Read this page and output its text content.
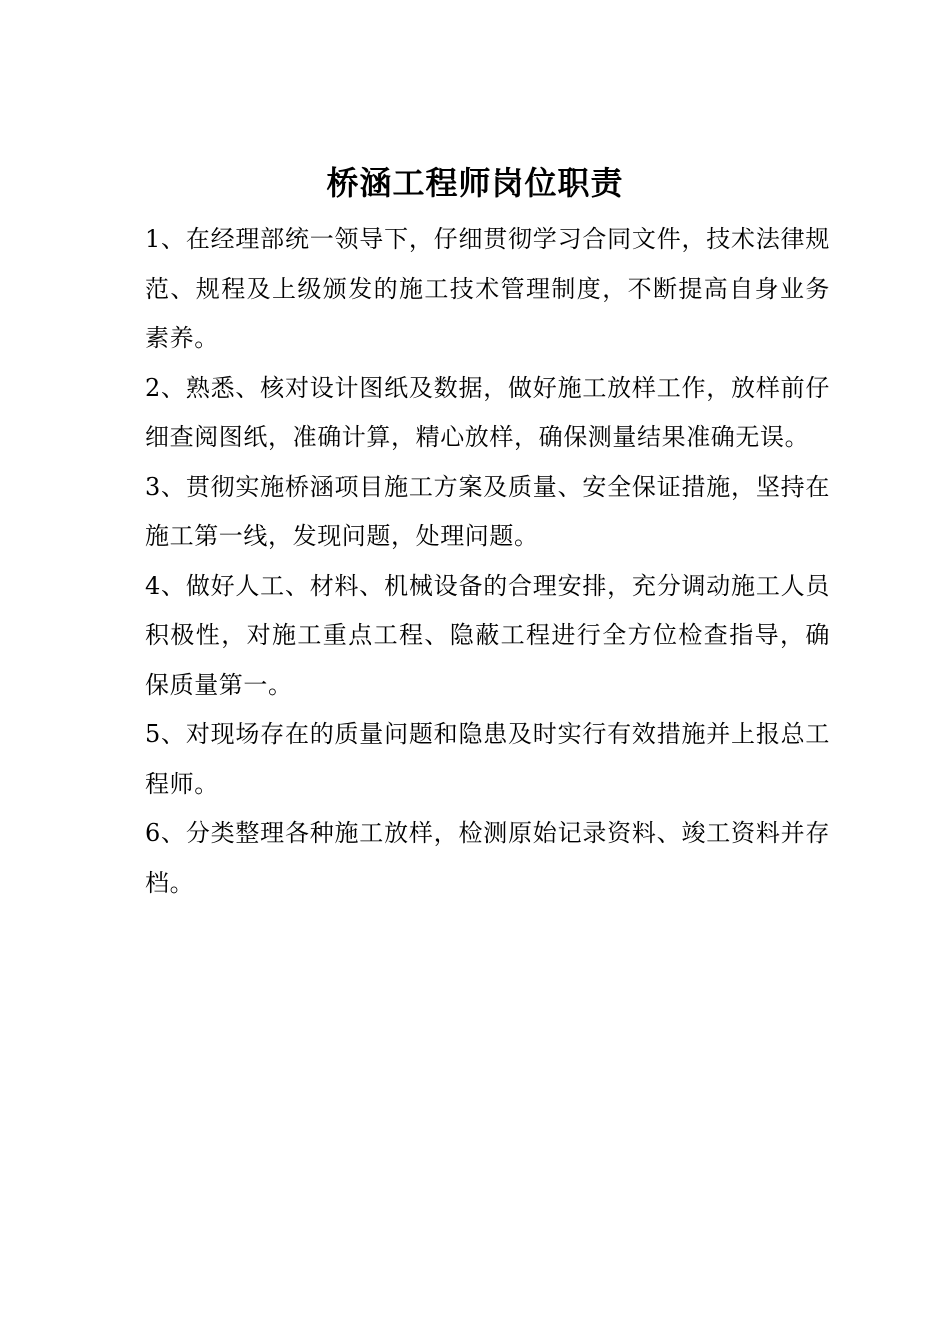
桥涵工程师岗位职责

1、在经理部统一领导下，仔细贯彻学习合同文件，技术法律规范、规程及上级颁发的施工技术管理制度，不断提高自身业务素养。

2、熟悉、核对设计图纸及数据，做好施工放样工作，放样前仔细查阅图纸，准确计算，精心放样，确保测量结果准确无误。

3、贯彻实施桥涵项目施工方案及质量、安全保证措施，坚持在施工第一线，发现问题，处理问题。

4、做好人工、材料、机械设备的合理安排，充分调动施工人员积极性，对施工重点工程、隐蔽工程进行全方位检查指导，确保质量第一。

5、对现场存在的质量问题和隐患及时实行有效措施并上报总工程师。

6、分类整理各种施工放样，检测原始记录资料、竣工资料并存档。
